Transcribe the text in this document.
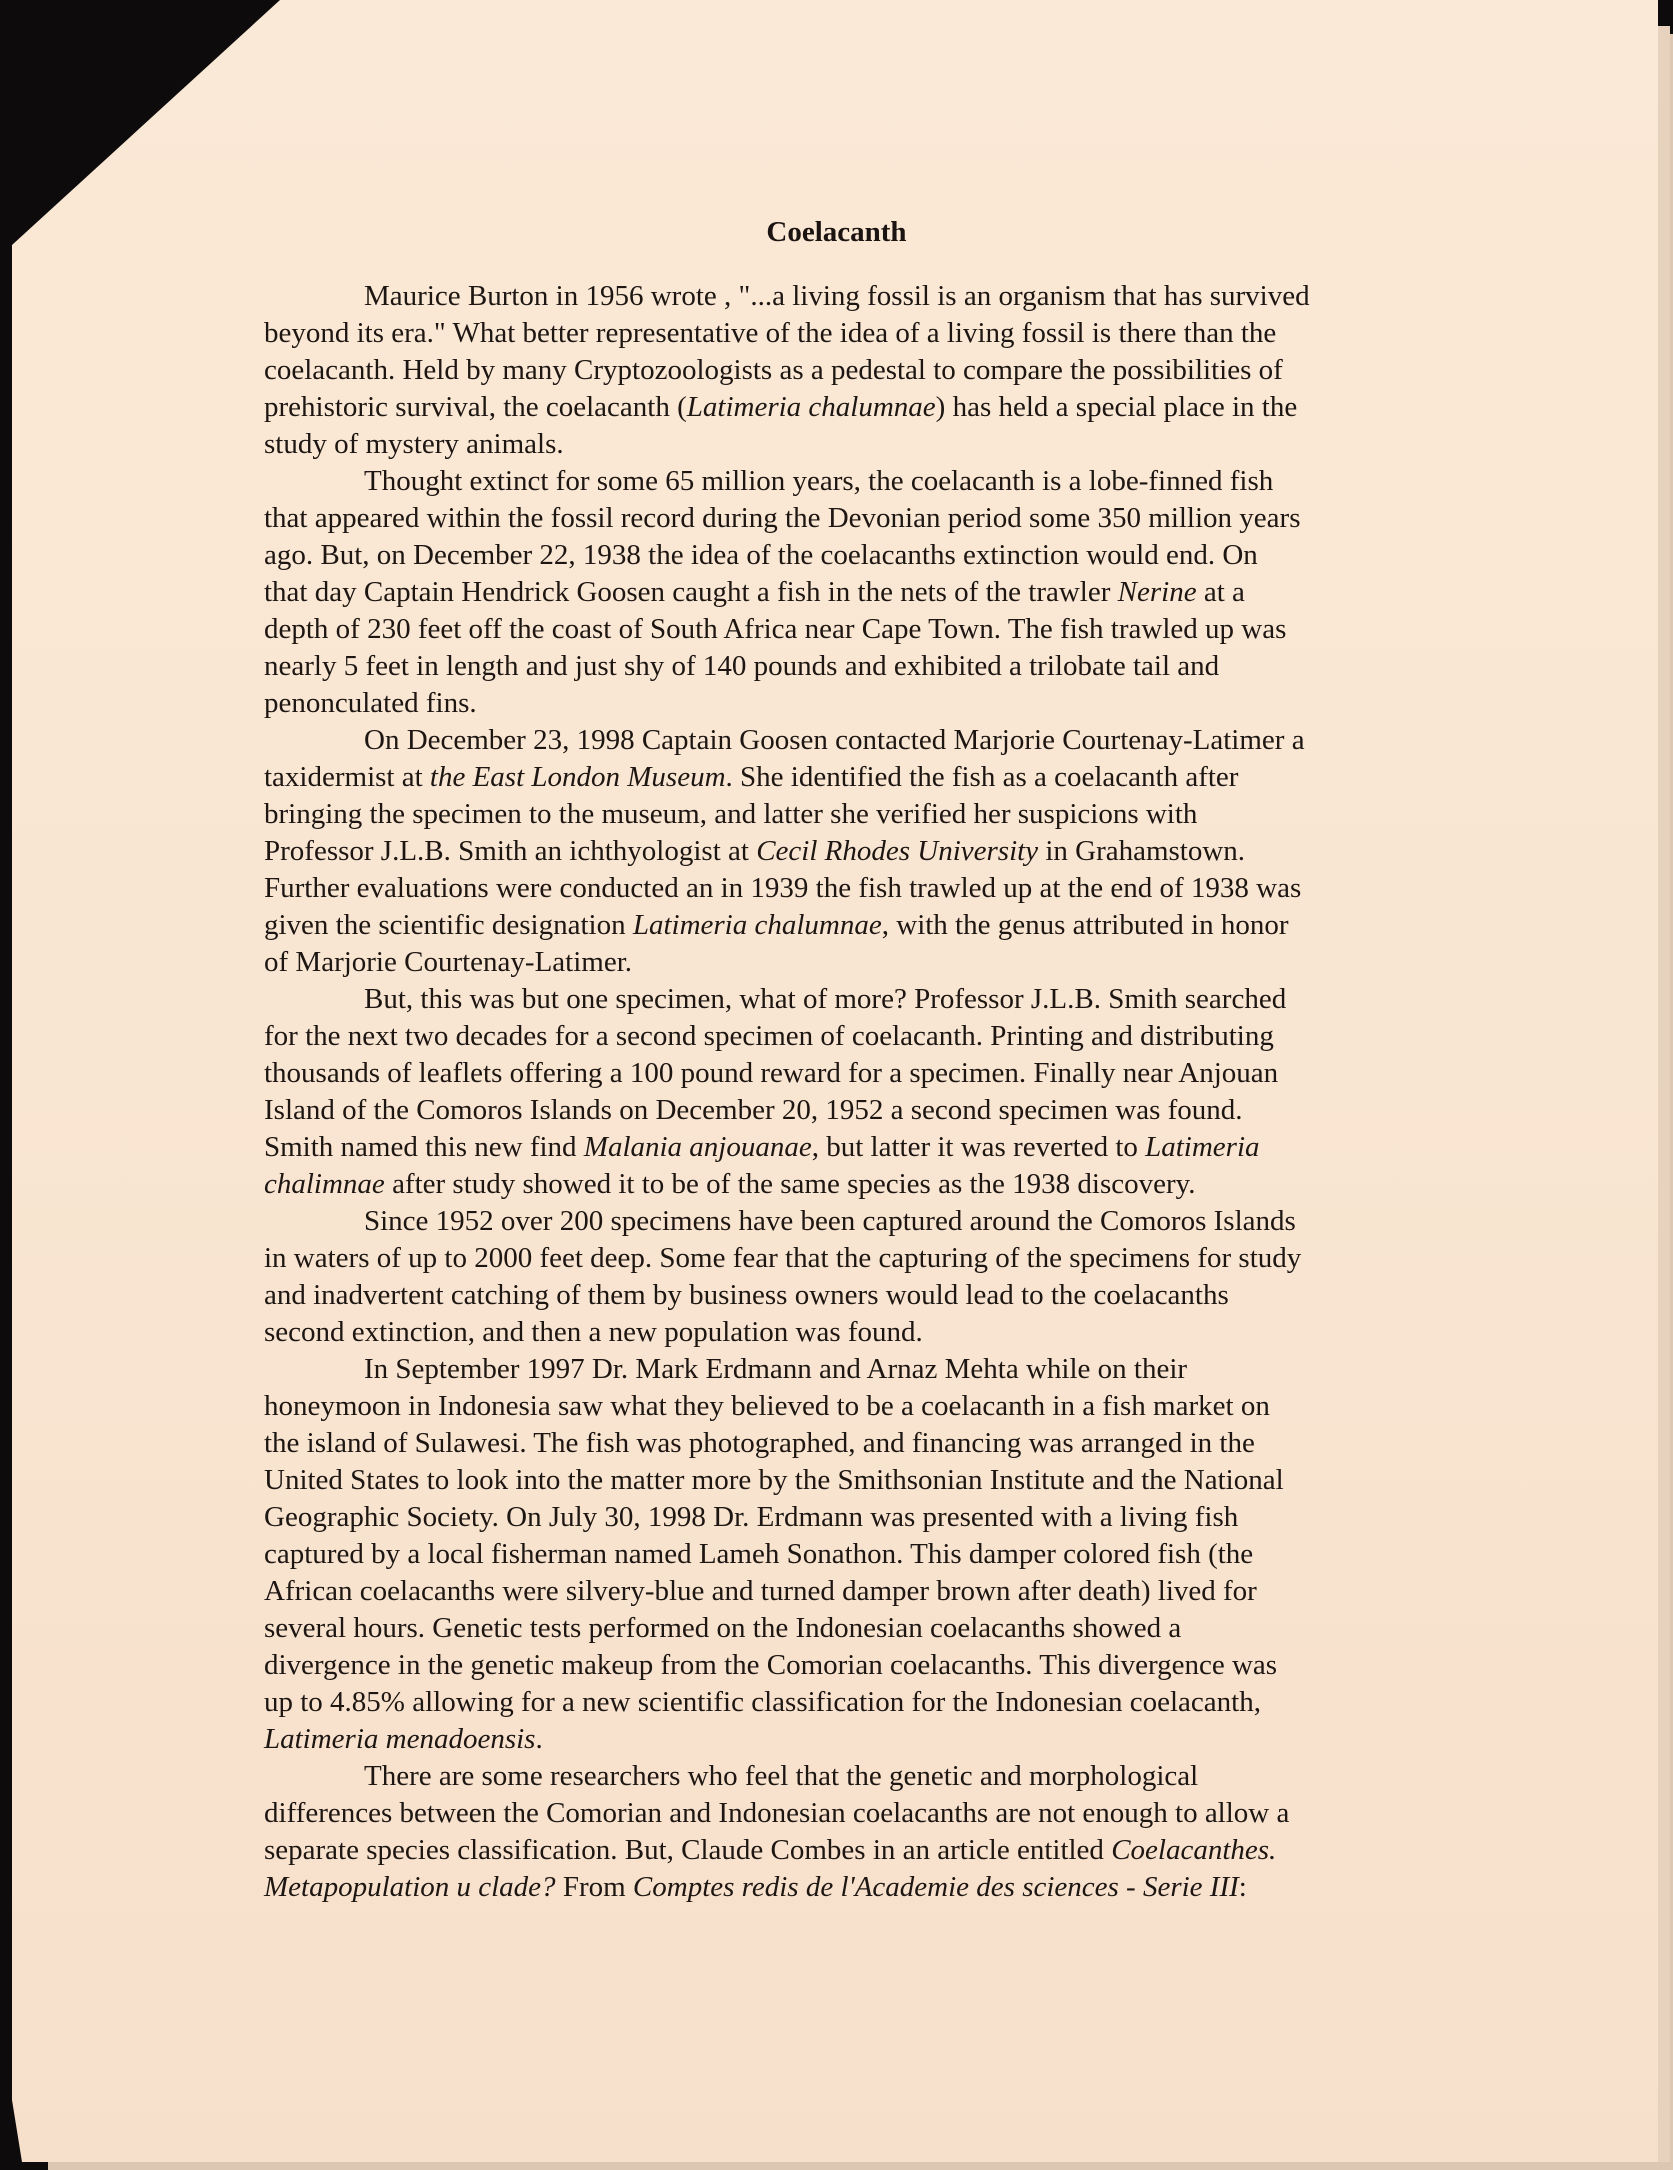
Coelacanth
Maurice Burton in 1956 wrote , "...a living fossil is an organism that has survived
beyond its era." What better representative of the idea of a living fossil is there than the
coelacanth. Held by many Cryptozoologists as a pedestal to compare the possibilities of
prehistoric survival, the coelacanth (Latimeria chalumnae) has held a special place in the
study of mystery animals.
Thought extinct for some 65 million years, the coelacanth is a lobe-finned fish
that appeared within the fossil record during the Devonian period some 350 million years
ago. But, on December 22, 1938 the idea of the coelacanths extinction would end. On
that day Captain Hendrick Goosen caught a fish in the nets of the trawler Nerine at a
depth of 230 feet off the coast of South Africa near Cape Town. The fish trawled up was
nearly 5 feet in length and just shy of 140 pounds and exhibited a trilobate tail and
penonculated fins.
On December 23, 1998 Captain Goosen contacted Marjorie Courtenay-Latimer a
taxidermist at the East London Museum. She identified the fish as a coelacanth after
bringing the specimen to the museum, and latter she verified her suspicions with
Professor J.L.B. Smith an ichthyologist at Cecil Rhodes University in Grahamstown.
Further evaluations were conducted an in 1939 the fish trawled up at the end of 1938 was
given the scientific designation Latimeria chalumnae, with the genus attributed in honor
of Marjorie Courtenay-Latimer.
But, this was but one specimen, what of more? Professor J.L.B. Smith searched
for the next two decades for a second specimen of coelacanth. Printing and distributing
thousands of leaflets offering a 100 pound reward for a specimen. Finally near Anjouan
Island of the Comoros Islands on December 20, 1952 a second specimen was found.
Smith named this new find Malania anjouanae, but latter it was reverted to Latimeria
chalimnae after study showed it to be of the same species as the 1938 discovery.
Since 1952 over 200 specimens have been captured around the Comoros Islands
in waters of up to 2000 feet deep. Some fear that the capturing of the specimens for study
and inadvertent catching of them by business owners would lead to the coelacanths
second extinction, and then a new population was found.
In September 1997 Dr. Mark Erdmann and Arnaz Mehta while on their
honeymoon in Indonesia saw what they believed to be a coelacanth in a fish market on
the island of Sulawesi. The fish was photographed, and financing was arranged in the
United States to look into the matter more by the Smithsonian Institute and the National
Geographic Society. On July 30, 1998 Dr. Erdmann was presented with a living fish
captured by a local fisherman named Lameh Sonathon. This damper colored fish (the
African coelacanths were silvery-blue and turned damper brown after death) lived for
several hours. Genetic tests performed on the Indonesian coelacanths showed a
divergence in the genetic makeup from the Comorian coelacanths. This divergence was
up to 4.85% allowing for a new scientific classification for the Indonesian coelacanth,
Latimeria menadoensis.
There are some researchers who feel that the genetic and morphological
differences between the Comorian and Indonesian coelacanths are not enough to allow a
separate species classification. But, Claude Combes in an article entitled Coelacanthes.
Metapopulation u clade? From Comptes redis de l'Academie des sciences - Serie III:
